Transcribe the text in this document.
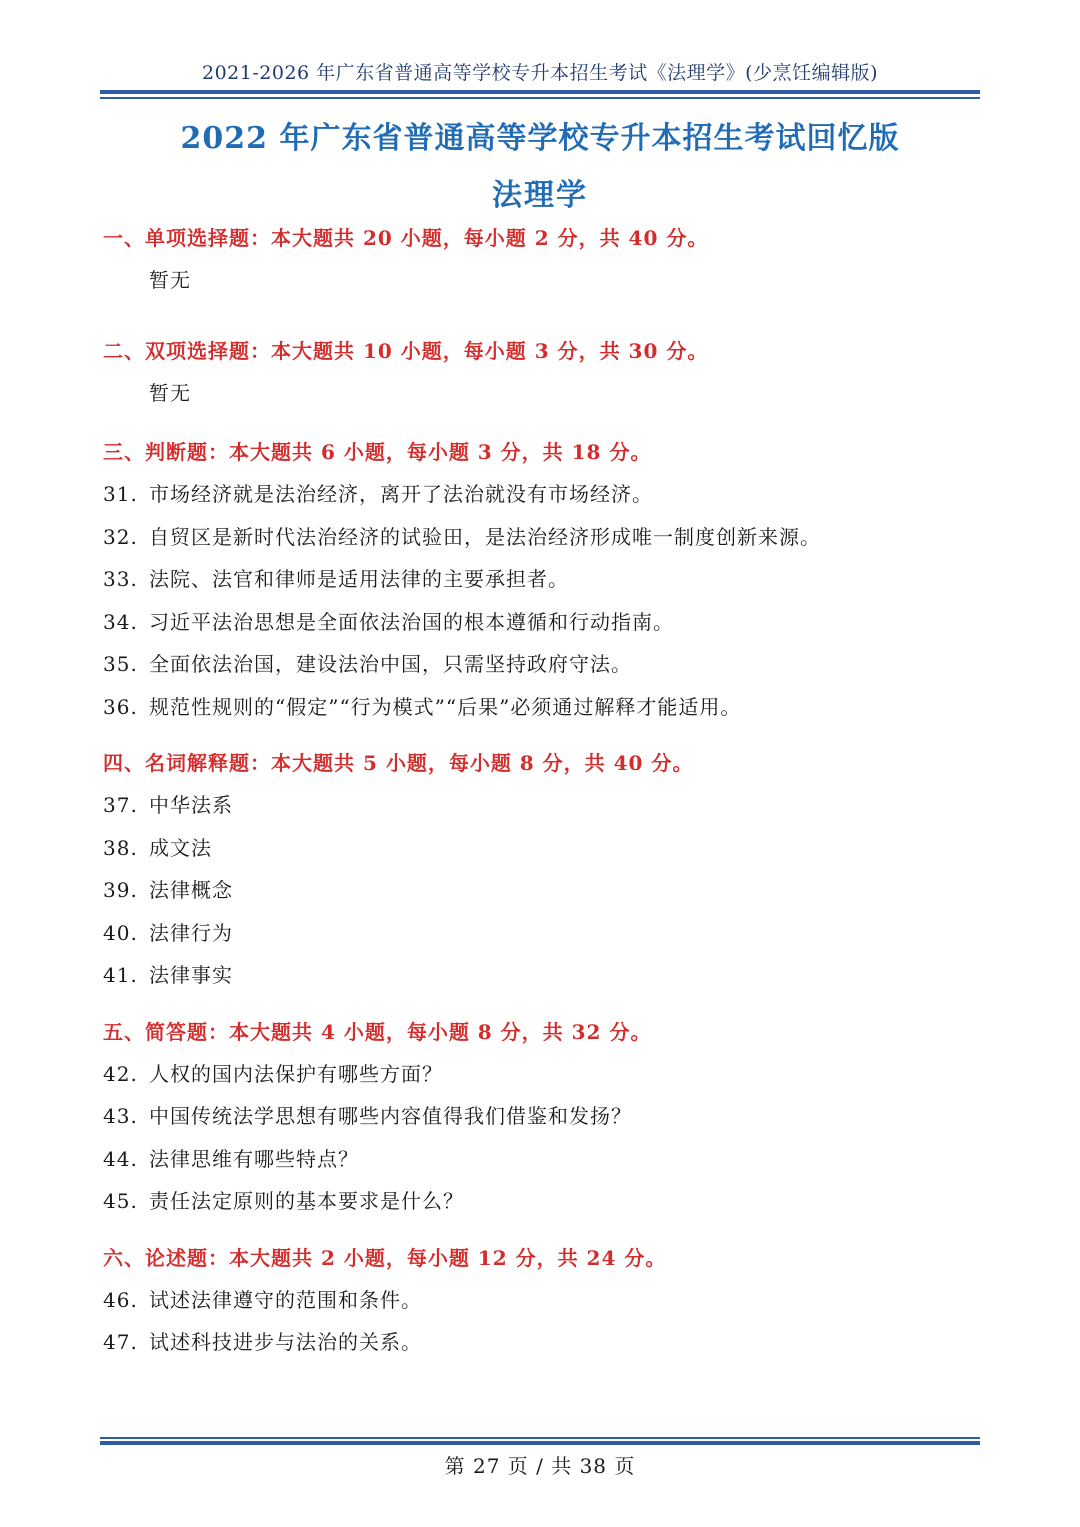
2021-2026 年广东省普通高等学校专升本招生考试《法理学》(少烹饪编辑版)
2022 年广东省普通高等学校专升本招生考试回忆版
法理学
一、单项选择题：本大题共 20 小题，每小题 2 分，共 40 分。
暂无
二、双项选择题：本大题共 10 小题，每小题 3 分，共 30 分。
暂无
三、判断题：本大题共 6 小题，每小题 3 分，共 18 分。
31. 市场经济就是法治经济，离开了法治就没有市场经济。
32. 自贸区是新时代法治经济的试验田，是法治经济形成唯一制度创新来源。
33. 法院、法官和律师是适用法律的主要承担者。
34. 习近平法治思想是全面依法治国的根本遵循和行动指南。
35. 全面依法治国，建设法治中国，只需坚持政府守法。
36. 规范性规则的“假定”“行为模式”“后果”必须通过解释才能适用。
四、名词解释题：本大题共 5 小题，每小题 8 分，共 40 分。
37. 中华法系
38. 成文法
39. 法律概念
40. 法律行为
41. 法律事实
五、简答题：本大题共 4 小题，每小题 8 分，共 32 分。
42. 人权的国内法保护有哪些方面？
43. 中国传统法学思想有哪些内容值得我们借鉴和发扬？
44. 法律思维有哪些特点？
45. 责任法定原则的基本要求是什么？
六、论述题：本大题共 2 小题，每小题 12 分，共 24 分。
46. 试述法律遵守的范围和条件。
47. 试述科技进步与法治的关系。
第 27 页 / 共 38 页
